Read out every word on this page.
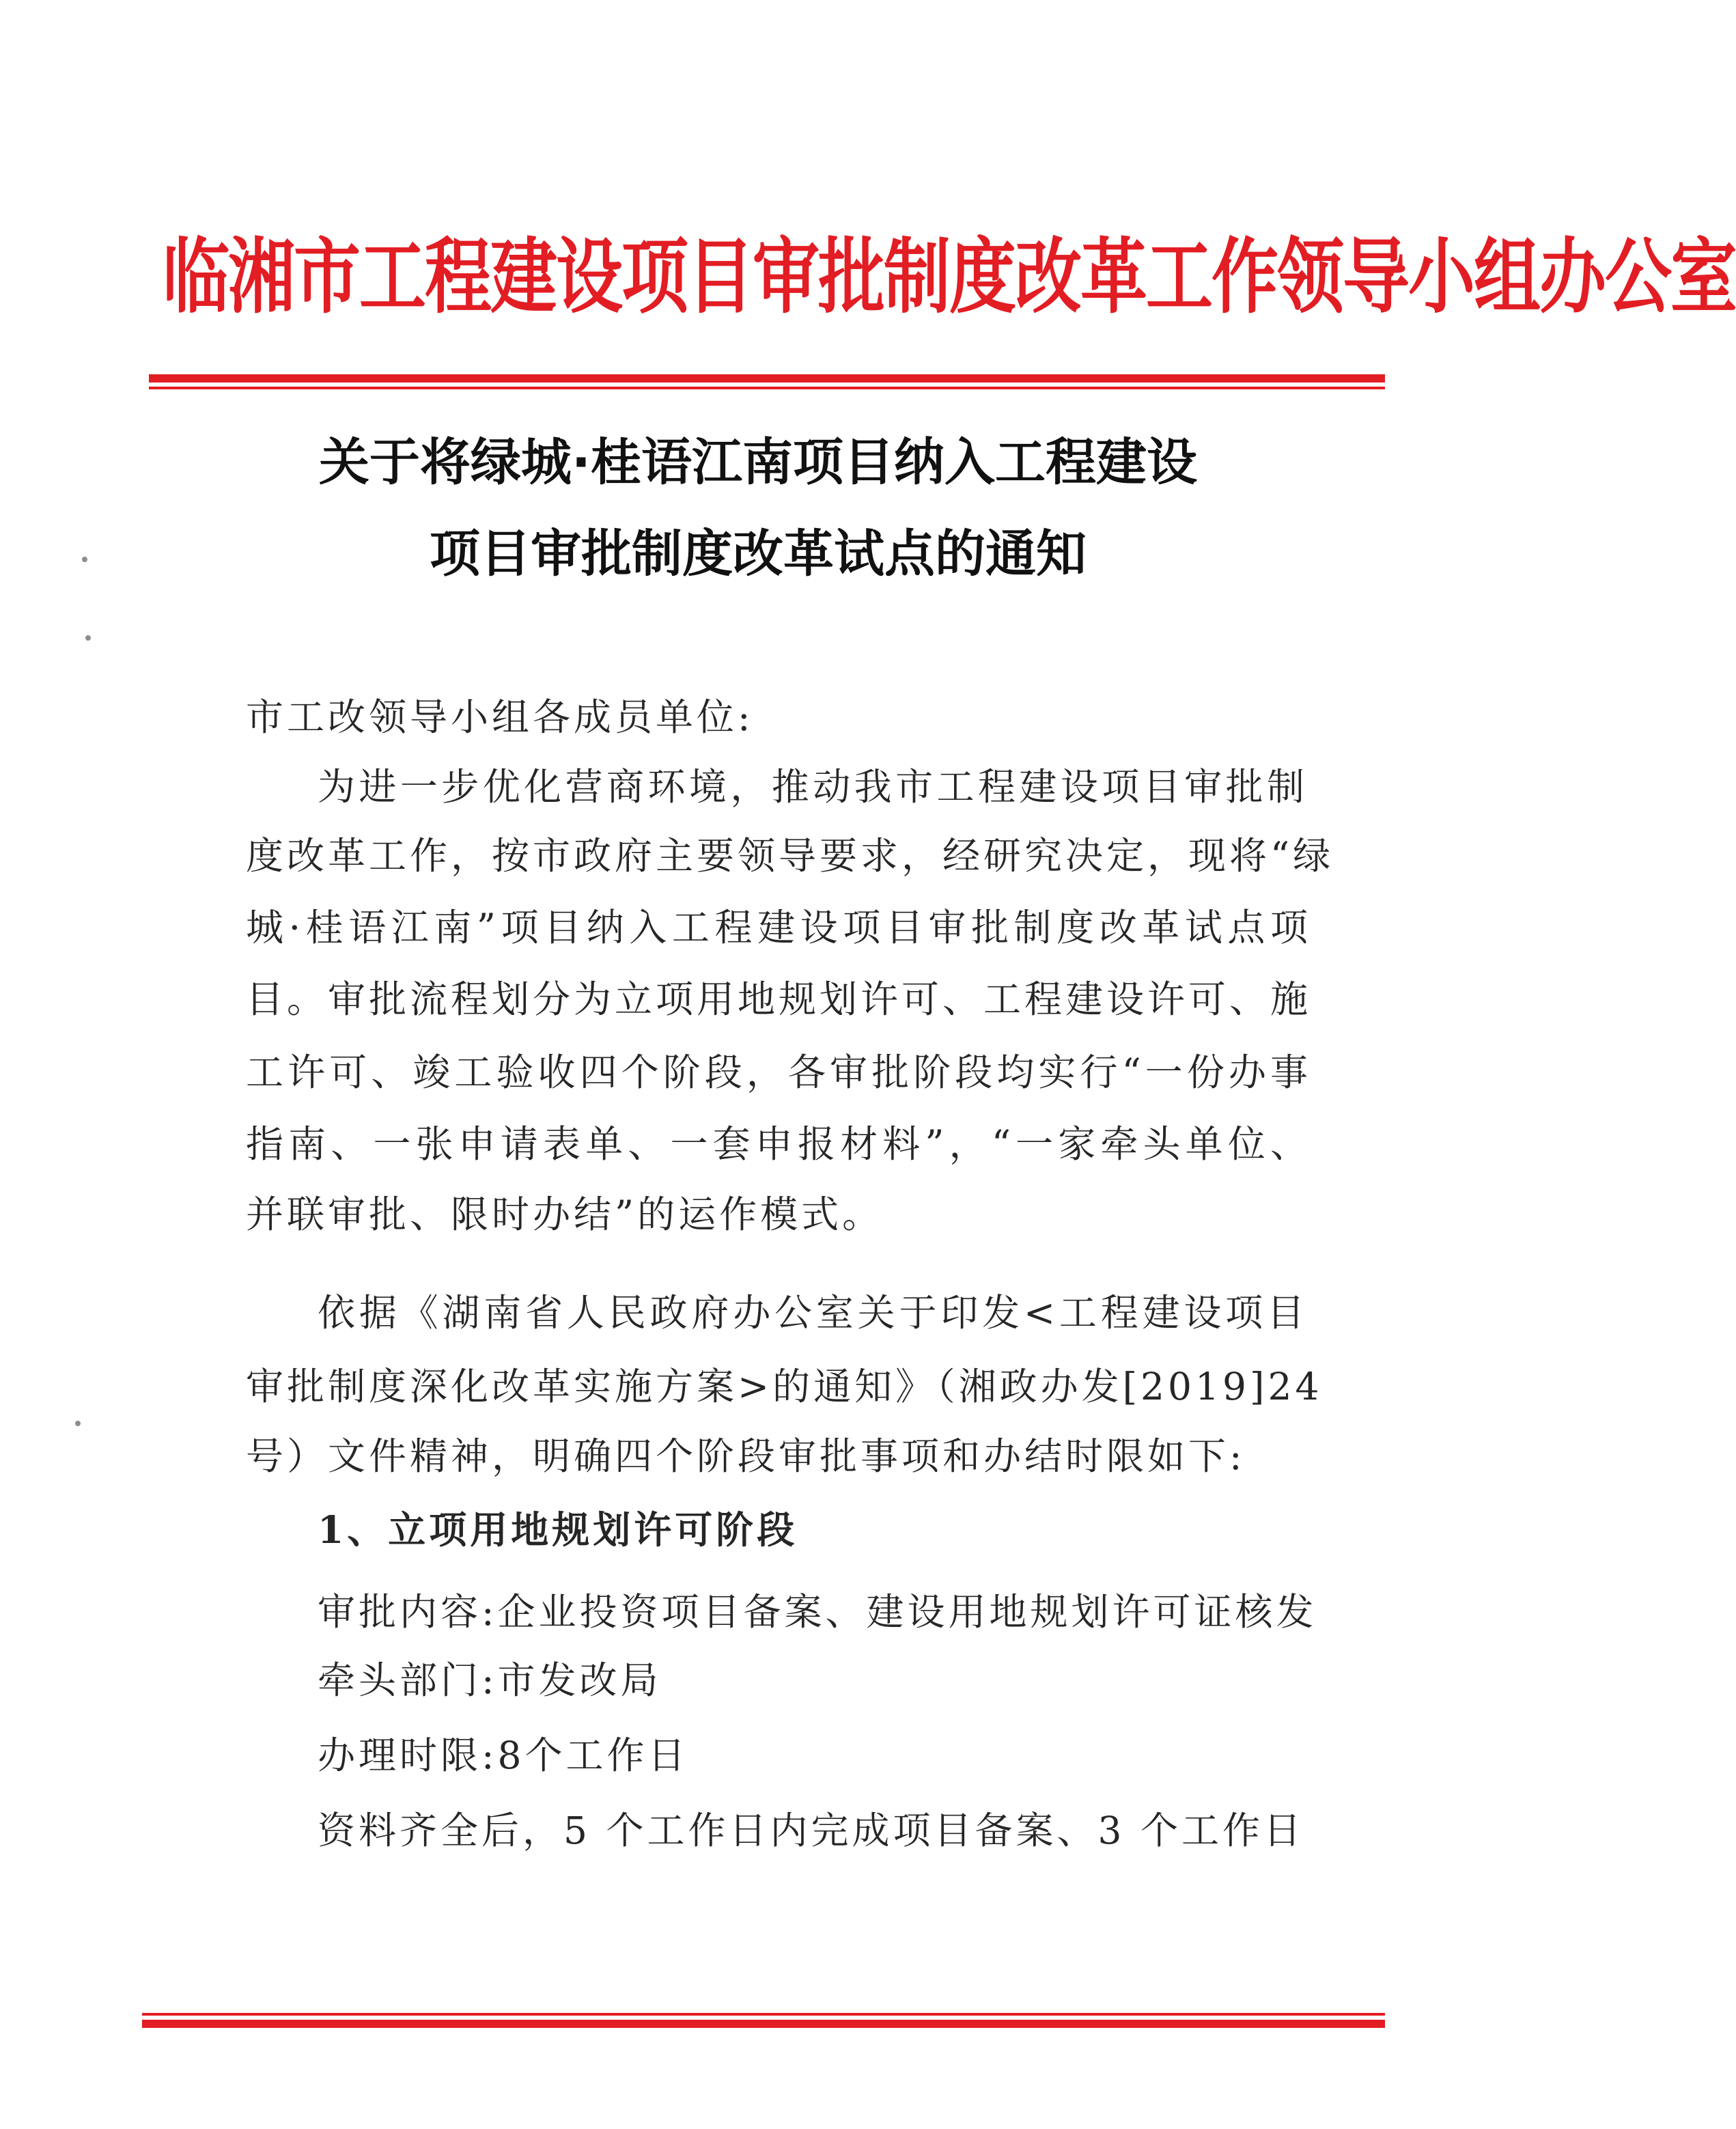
临湘市工程建设项目审批制度改革工作领导小组办公室
关于将绿城·桂语江南项目纳入工程建设
项目审批制度改革试点的通知
市工改领导小组各成员单位:
为进一步优化营商环境，推动我市工程建设项目审批制
度改革工作，按市政府主要领导要求，经研究决定，现将“绿
城·桂语江南”项目纳入工程建设项目审批制度改革试点项
目。审批流程划分为立项用地规划许可、工程建设许可、施
工许可、竣工验收四个阶段，各审批阶段均实行“一份办事
指南、一张申请表单、一套申报材料”，“一家牵头单位、
并联审批、限时办结”的运作模式。
依据《湖南省人民政府办公室关于印发<工程建设项目
审批制度深化改革实施方案>的通知》（湘政办发[2019]24
号）文件精神，明确四个阶段审批事项和办结时限如下:
1、立项用地规划许可阶段
审批内容:企业投资项目备案、建设用地规划许可证核发
牵头部门:市发改局
办理时限:8个工作日
资料齐全后，5 个工作日内完成项目备案、3 个工作日
